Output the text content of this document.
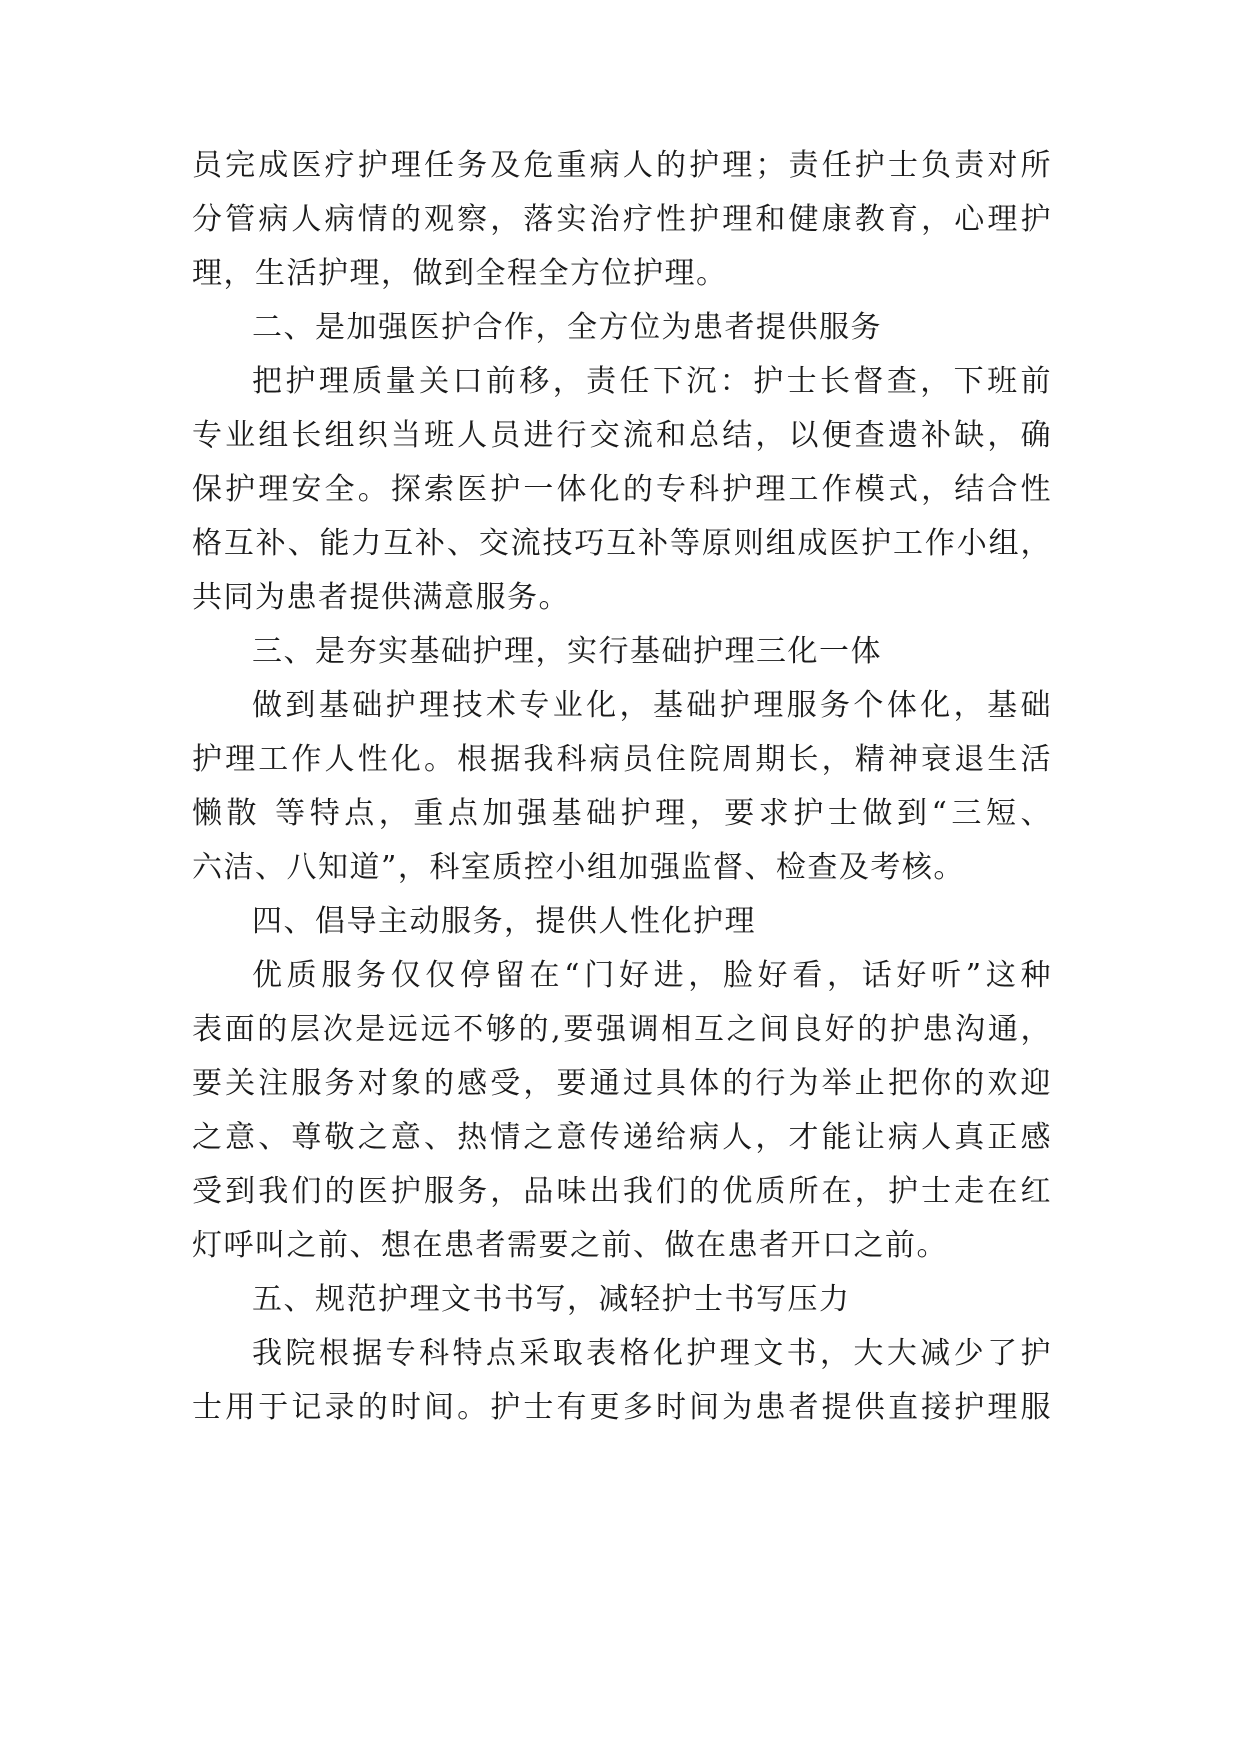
员完成医疗护理任务及危重病人的护理；责任护士负责对所

分管病人病情的观察，落实治疗性护理和健康教育，心理护

理，生活护理，做到全程全方位护理。

二、是加强医护合作，全方位为患者提供服务

把护理质量关口前移，责任下沉：护士长督查，下班前

专业组长组织当班人员进行交流和总结，以便查遗补缺，确

保护理安全。探索医护一体化的专科护理工作模式，结合性

格互补、能力互补、交流技巧互补等原则组成医护工作小组，

共同为患者提供满意服务。

三、是夯实基础护理，实行基础护理三化一体

做到基础护理技术专业化，基础护理服务个体化，基础

护理工作人性化。根据我科病员住院周期长，精神衰退生活

懒散 等特点，重点加强基础护理，要求护士做到“三短、

六洁、八知道”，科室质控小组加强监督、检查及考核。

四、倡导主动服务，提供人性化护理

优质服务仅仅停留在“门好进，脸好看，话好听”这种

表面的层次是远远不够的,要强调相互之间良好的护患沟通，

要关注服务对象的感受，要通过具体的行为举止把你的欢迎

之意、尊敬之意、热情之意传递给病人，才能让病人真正感

受到我们的医护服务，品味出我们的优质所在，护士走在红

灯呼叫之前、想在患者需要之前、做在患者开口之前。

五、规范护理文书书写，减轻护士书写压力

我院根据专科特点采取表格化护理文书，大大减少了护

士用于记录的时间。护士有更多时间为患者提供直接护理服
